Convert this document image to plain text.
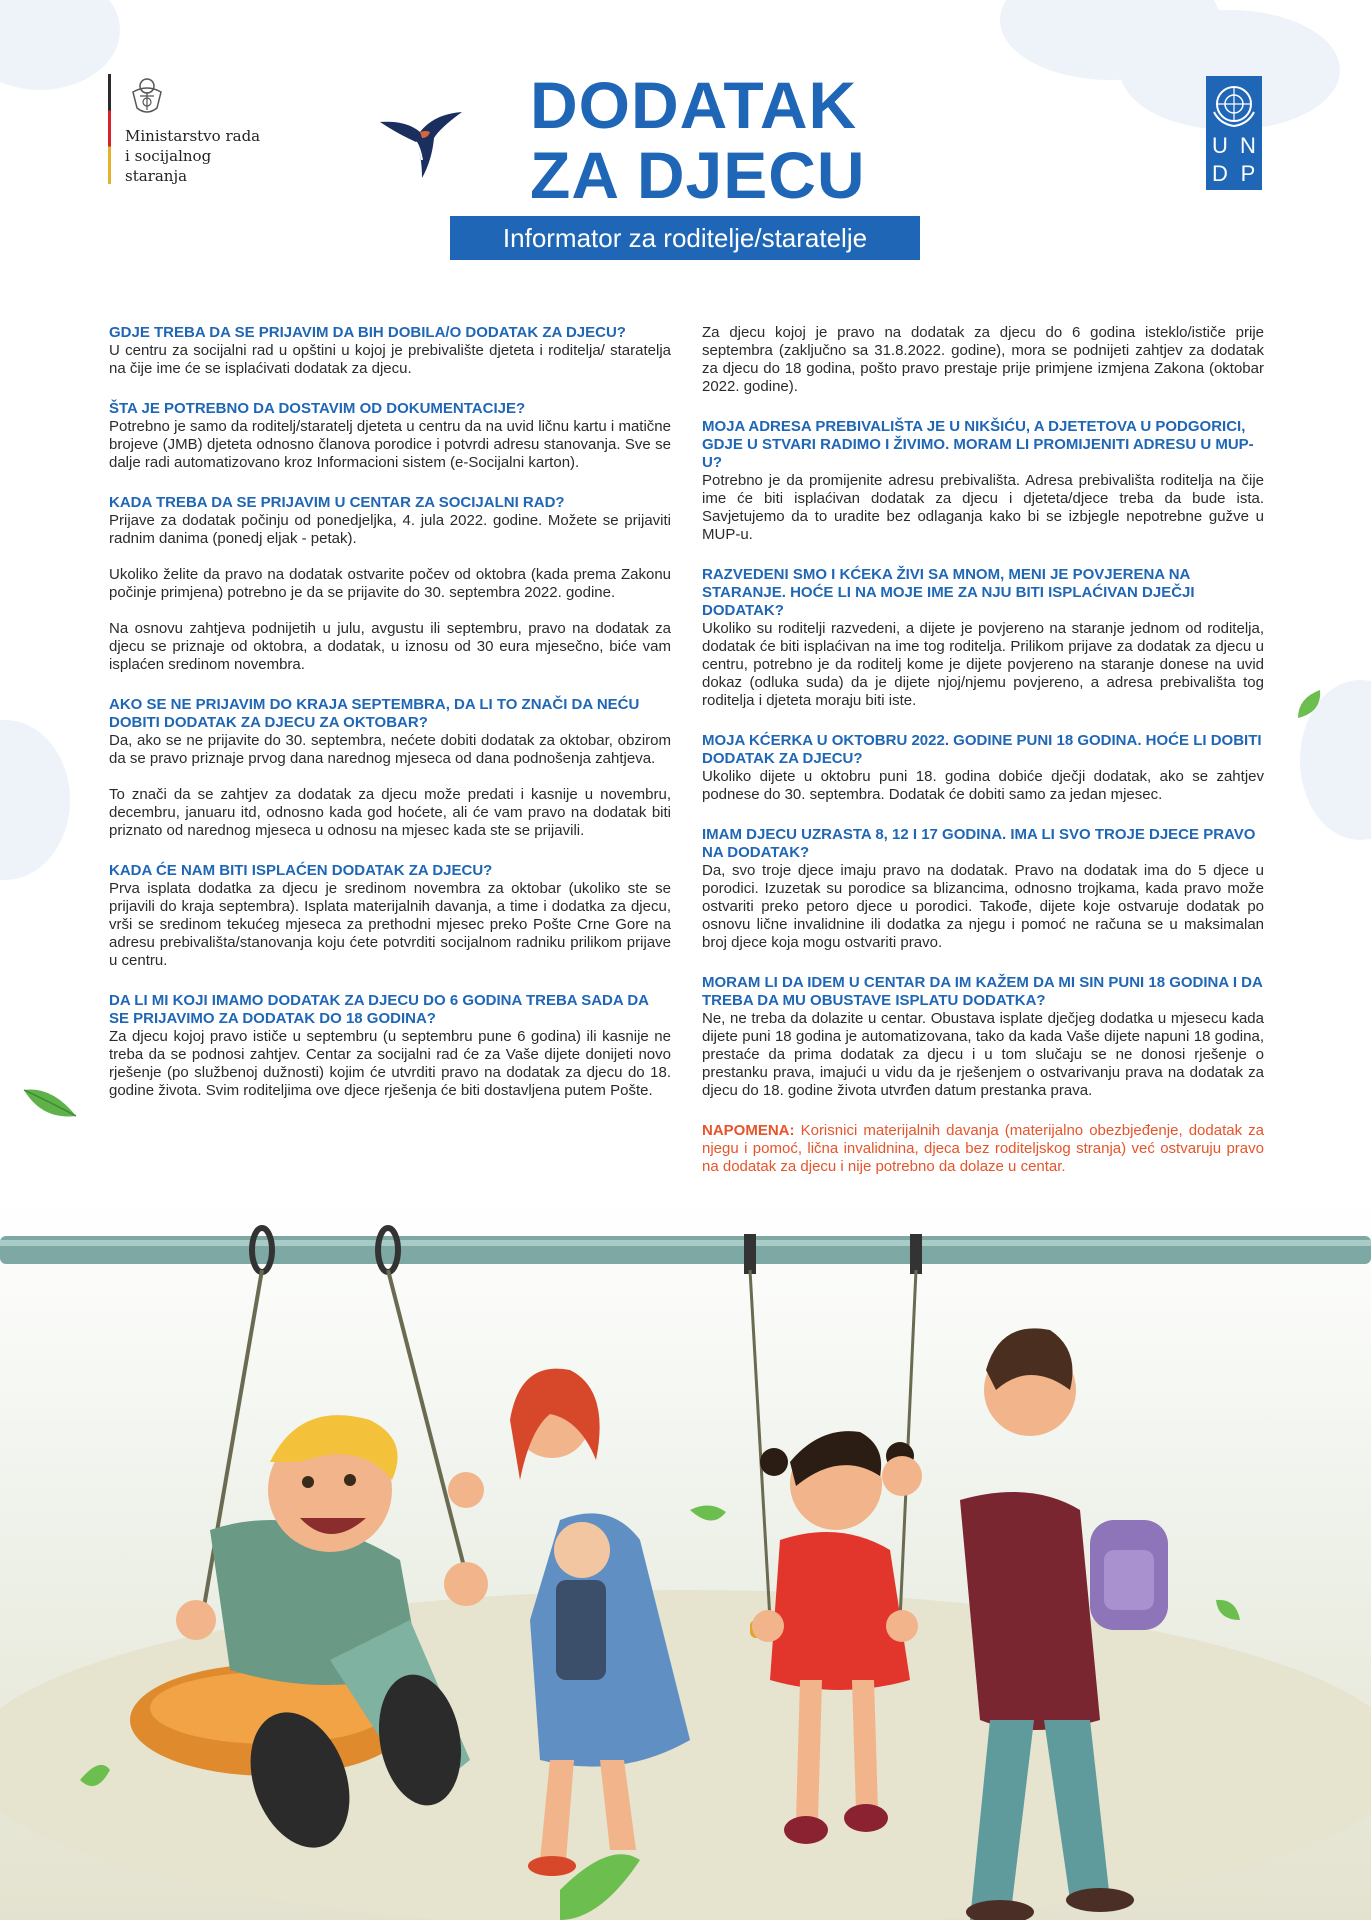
Ministarstvo rada i socijalnog staranja
DODATAK
ZA DJECU
Informator za roditelje/staratelje
U N
D P

GDJE TREBA DA SE PRIJAVIM DA BIH DOBILA/O DODATAK ZA DJECU?

U centru za socijalni rad u opštini u kojoj je prebivalište djeteta i roditelja/ staratelja na čije ime će se isplaćivati dodatak za djecu.

ŠTA JE POTREBNO DA DOSTAVIM OD DOKUMENTACIJE?

Potrebno je samo da roditelj/staratelj djeteta u centru da na uvid ličnu kartu i matične brojeve (JMB) djeteta odnosno članova porodice i potvrdi adresu stanovanja. Sve se dalje radi automatizovano kroz Informacioni sistem (e-Socijalni karton).

KADA TREBA DA SE PRIJAVIM U CENTAR ZA SOCIJALNI RAD?

Prijave za dodatak počinju od ponedjeljka, 4. jula 2022. godine. Možete se prijaviti radnim danima (ponedj eljak - petak).

Ukoliko želite da pravo na dodatak ostvarite počev od oktobra (kada prema Zakonu počinje primjena) potrebno je da se prijavite do 30. septembra 2022. godine.

Na osnovu zahtjeva podnijetih u julu, avgustu ili septembru, pravo na dodatak za djecu se priznaje od oktobra, a dodatak, u iznosu od 30 eura mjesečno, biće vam isplaćen sredinom novembra.

AKO SE NE PRIJAVIM DO KRAJA SEPTEMBRA, DA LI TO ZNAČI DA NEĆU DOBITI DODATAK ZA DJECU ZA OKTOBAR?

Da, ako se ne prijavite do 30. septembra, nećete dobiti dodatak za oktobar, obzirom da se pravo priznaje prvog dana narednog mjeseca od dana podnošenja zahtjeva.

To znači da se zahtjev za dodatak za djecu može predati i kasnije u novembru, decembru, januaru itd, odnosno kada god hoćete, ali će vam pravo na dodatak biti priznato od narednog mjeseca u odnosu na mjesec kada ste se prijavili.

KADA ĆE NAM BITI ISPLAĆEN DODATAK ZA DJECU?

Prva isplata dodatka za djecu je sredinom novembra za oktobar (ukoliko ste se prijavili do kraja septembra). Isplata materijalnih davanja, a time i dodatka za djecu, vrši se sredinom tekućeg mjeseca za prethodni mjesec preko Pošte Crne Gore na adresu prebivališta/stanovanja koju ćete potvrditi socijalnom radniku prilikom prijave u centru.

DA LI MI KOJI IMAMO DODATAK ZA DJECU DO 6 GODINA TREBA SADA DA SE PRIJAVIMO ZA DODATAK DO 18 GODINA?

Za djecu kojoj pravo ističe u septembru (u septembru pune 6 godina) ili kasnije ne treba da se podnosi zahtjev. Centar za socijalni rad će za Vaše dijete donijeti novo rješenje (po službenoj dužnosti) kojim će utvrditi pravo na dodatak za djecu do 18. godine života. Svim roditeljima ove djece rješenja će biti dostavljena putem Pošte.

Za djecu kojoj je pravo na dodatak za djecu do 6 godina isteklo/ističe prije septembra (zaključno sa 31.8.2022. godine), mora se podnijeti zahtjev za dodatak za djecu do 18 godina, pošto pravo prestaje prije primjene izmjena Zakona (oktobar 2022. godine).

MOJA ADRESA PREBIVALIŠTA JE U NIKŠIĆU, A DJETETOVA U PODGORICI, GDJE U STVARI RADIMO I ŽIVIMO. MORAM LI PROMIJENITI ADRESU U MUP-U?

Potrebno je da promijenite adresu prebivališta. Adresa prebivališta roditelja na čije ime će biti isplaćivan dodatak za djecu i djeteta/djece treba da bude ista. Savjetujemo da to uradite bez odlaganja kako bi se izbjegle nepotrebne gužve u MUP-u.

RAZVEDENI SMO I KĆEKA ŽIVI SA MNOM, MENI JE POVJERENA NA STARANJE. HOĆE LI NA MOJE IME ZA NJU BITI ISPLAĆIVAN DJEČJI DODATAK?

Ukoliko su roditelji razvedeni, a dijete je povjereno na staranje jednom od roditelja, dodatak će biti isplaćivan na ime tog roditelja. Prilikom prijave za dodatak za djecu u centru, potrebno je da roditelj kome je dijete povjereno na staranje donese na uvid dokaz (odluka suda) da je dijete njoj/njemu povjereno, a adresa prebivališta tog roditelja i djeteta moraju biti iste.

MOJA KĆERKA U OKTOBRU 2022. GODINE PUNI 18 GODINA. HOĆE LI DOBITI DODATAK ZA DJECU?

Ukoliko dijete u oktobru puni 18. godina dobiće dječji dodatak, ako se zahtjev podnese do 30. septembra. Dodatak će dobiti samo za jedan mjesec.

IMAM DJECU UZRASTA 8, 12 I 17 GODINA. IMA LI SVO TROJE DJECE PRAVO NA DODATAK?

Da, svo troje djece imaju pravo na dodatak. Pravo na dodatak ima do 5 djece u porodici. Izuzetak su porodice sa blizancima, odnosno trojkama, kada pravo može ostvariti preko petoro djece u porodici. Takođe, dijete koje ostvaruje dodatak po osnovu lične invalidnine ili dodatka za njegu i pomoć ne računa se u maksimalan broj djece koja mogu ostvariti pravo.

MORAM LI DA IDEM U CENTAR DA IM KAŽEM DA MI SIN PUNI 18 GODINA I DA TREBA DA MU OBUSTAVE ISPLATU DODATKA?

Ne, ne treba da dolazite u centar. Obustava isplate dječjeg dodatka u mjesecu kada dijete puni 18 godina je automatizovana, tako da kada Vaše dijete napuni 18 godina, prestaće da prima dodatak za djecu i u tom slučaju se ne donosi rješenje o prestanku prava, imajući u vidu da je rješenjem o ostvarivanju prava na dodatak za djecu do 18. godine života utvrđen datum prestanka prava.

NAPOMENA: Korisnici materijalnih davanja (materijalno obezbjeđenje, dodatak za njegu i pomoć, lična invalidnina, djeca bez roditeljskog stranja) već ostvaruju pravo na dodatak za djecu i nije potrebno da dolaze u centar.
